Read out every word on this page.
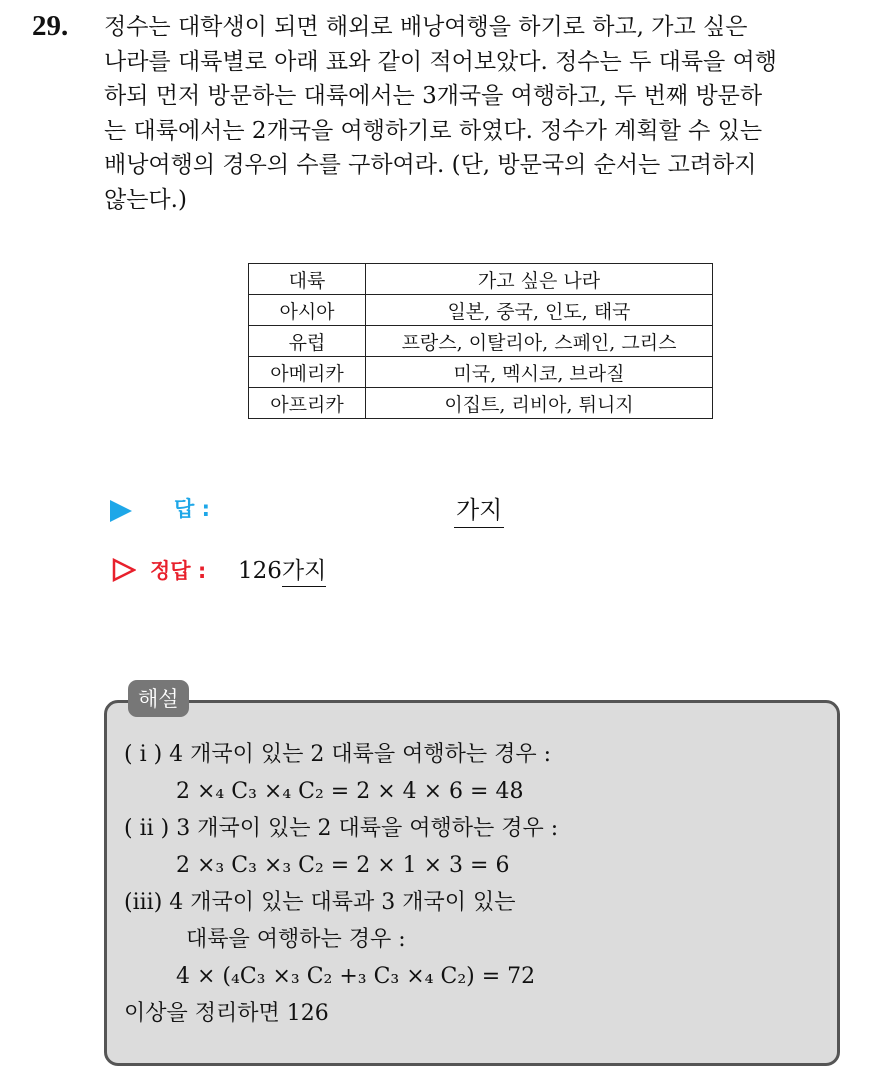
29. 정수는 대학생이 되면 해외로 배낭여행을 하기로 하고, 가고 싶은
나라를 대륙별로 아래 표와 같이 적어보았다. 정수는 두 대륙을 여행
하되 먼저 방문하는 대륙에서는 3개국을 여행하고, 두 번째 방문하
는 대륙에서는 2개국을 여행하기로 하였다. 정수가 계획할 수 있는
배낭여행의 경우의 수를 구하여라. (단, 방문국의 순서는 고려하지
않는다.)
대륙	가고 싶은 나라
아시아	일본, 중국, 인도, 태국
유럽	프랑스, 이탈리아, 스페인, 그리스
아메리카	미국, 멕시코, 브라질
아프리카	이집트, 리비아, 튀니지
답 :	가지
정답 : 126가지
해설
( i ) 4 개국이 있는 2 대륙을 여행하는 경우 :
2 ×₄ C₃ ×₄ C₂ = 2 × 4 × 6 = 48
( ii ) 3 개국이 있는 2 대륙을 여행하는 경우 :
2 ×₃ C₃ ×₃ C₂ = 2 × 1 × 3 = 6
(iii) 4 개국이 있는 대륙과 3 개국이 있는
대륙을 여행하는 경우 :
4 × (₄C₃ ×₃ C₂ +₃ C₃ ×₄ C₂) = 72
이상을 정리하면 126
